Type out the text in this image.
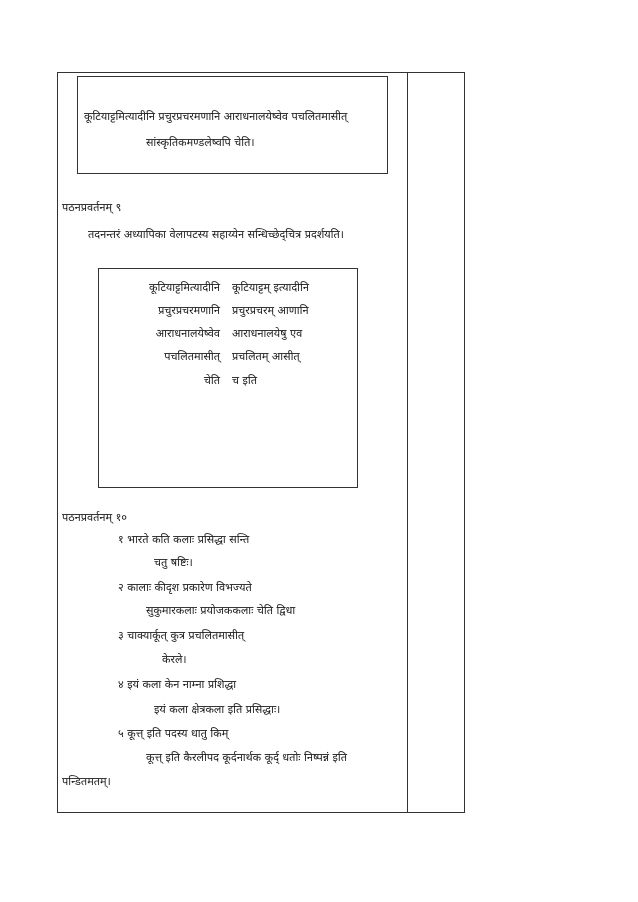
कूटियाट्टमित्यादीनि प्रचुरप्रचरमणानि आराधनालयेष्वेव पचलितमासीत्
सांस्कृतिकमण्डलेष्वपि चेति।
पठनप्रवर्तनम् ९
तदनन्तरं अध्यापिका वेलापटस्य सहाय्येन सन्धिच्छेद्चित्र प्रदर्शयति।
कूटियाट्टमित्यादीनि कूटियाट्टम् इत्यादीनि
प्रचुरप्रचरमणानि प्रचुरप्रचरम् आणानि
आराधनालयेष्वेव आराधनालयेषु एव
पचलितमासीत् प्रचलितम् आसीत्
चेति च इति
पठनप्रवर्तनम् १०
१ भारते कति कलाः प्रसिद्धा सन्ति
चतु षष्टिः।
२ कालाः कीदृश प्रकारेण विभज्यते
सुकुमारकलाः प्रयोजककलाः चेति द्विधा
३ चाक्यार्कूत् कुत्र प्रचलितमासीत्
केरले।
४ इयं कला केन नाम्ना प्रशिद्धा
इयं कला क्षेत्रकला इति प्रसिद्धाः।
५ कूत्त् इति पदस्य धातु किम्
कूत्त् इति कैरलीपद कूर्दनार्थक कूर्द् धतोः निष्पन्नं इति
पन्डितमतम्।
